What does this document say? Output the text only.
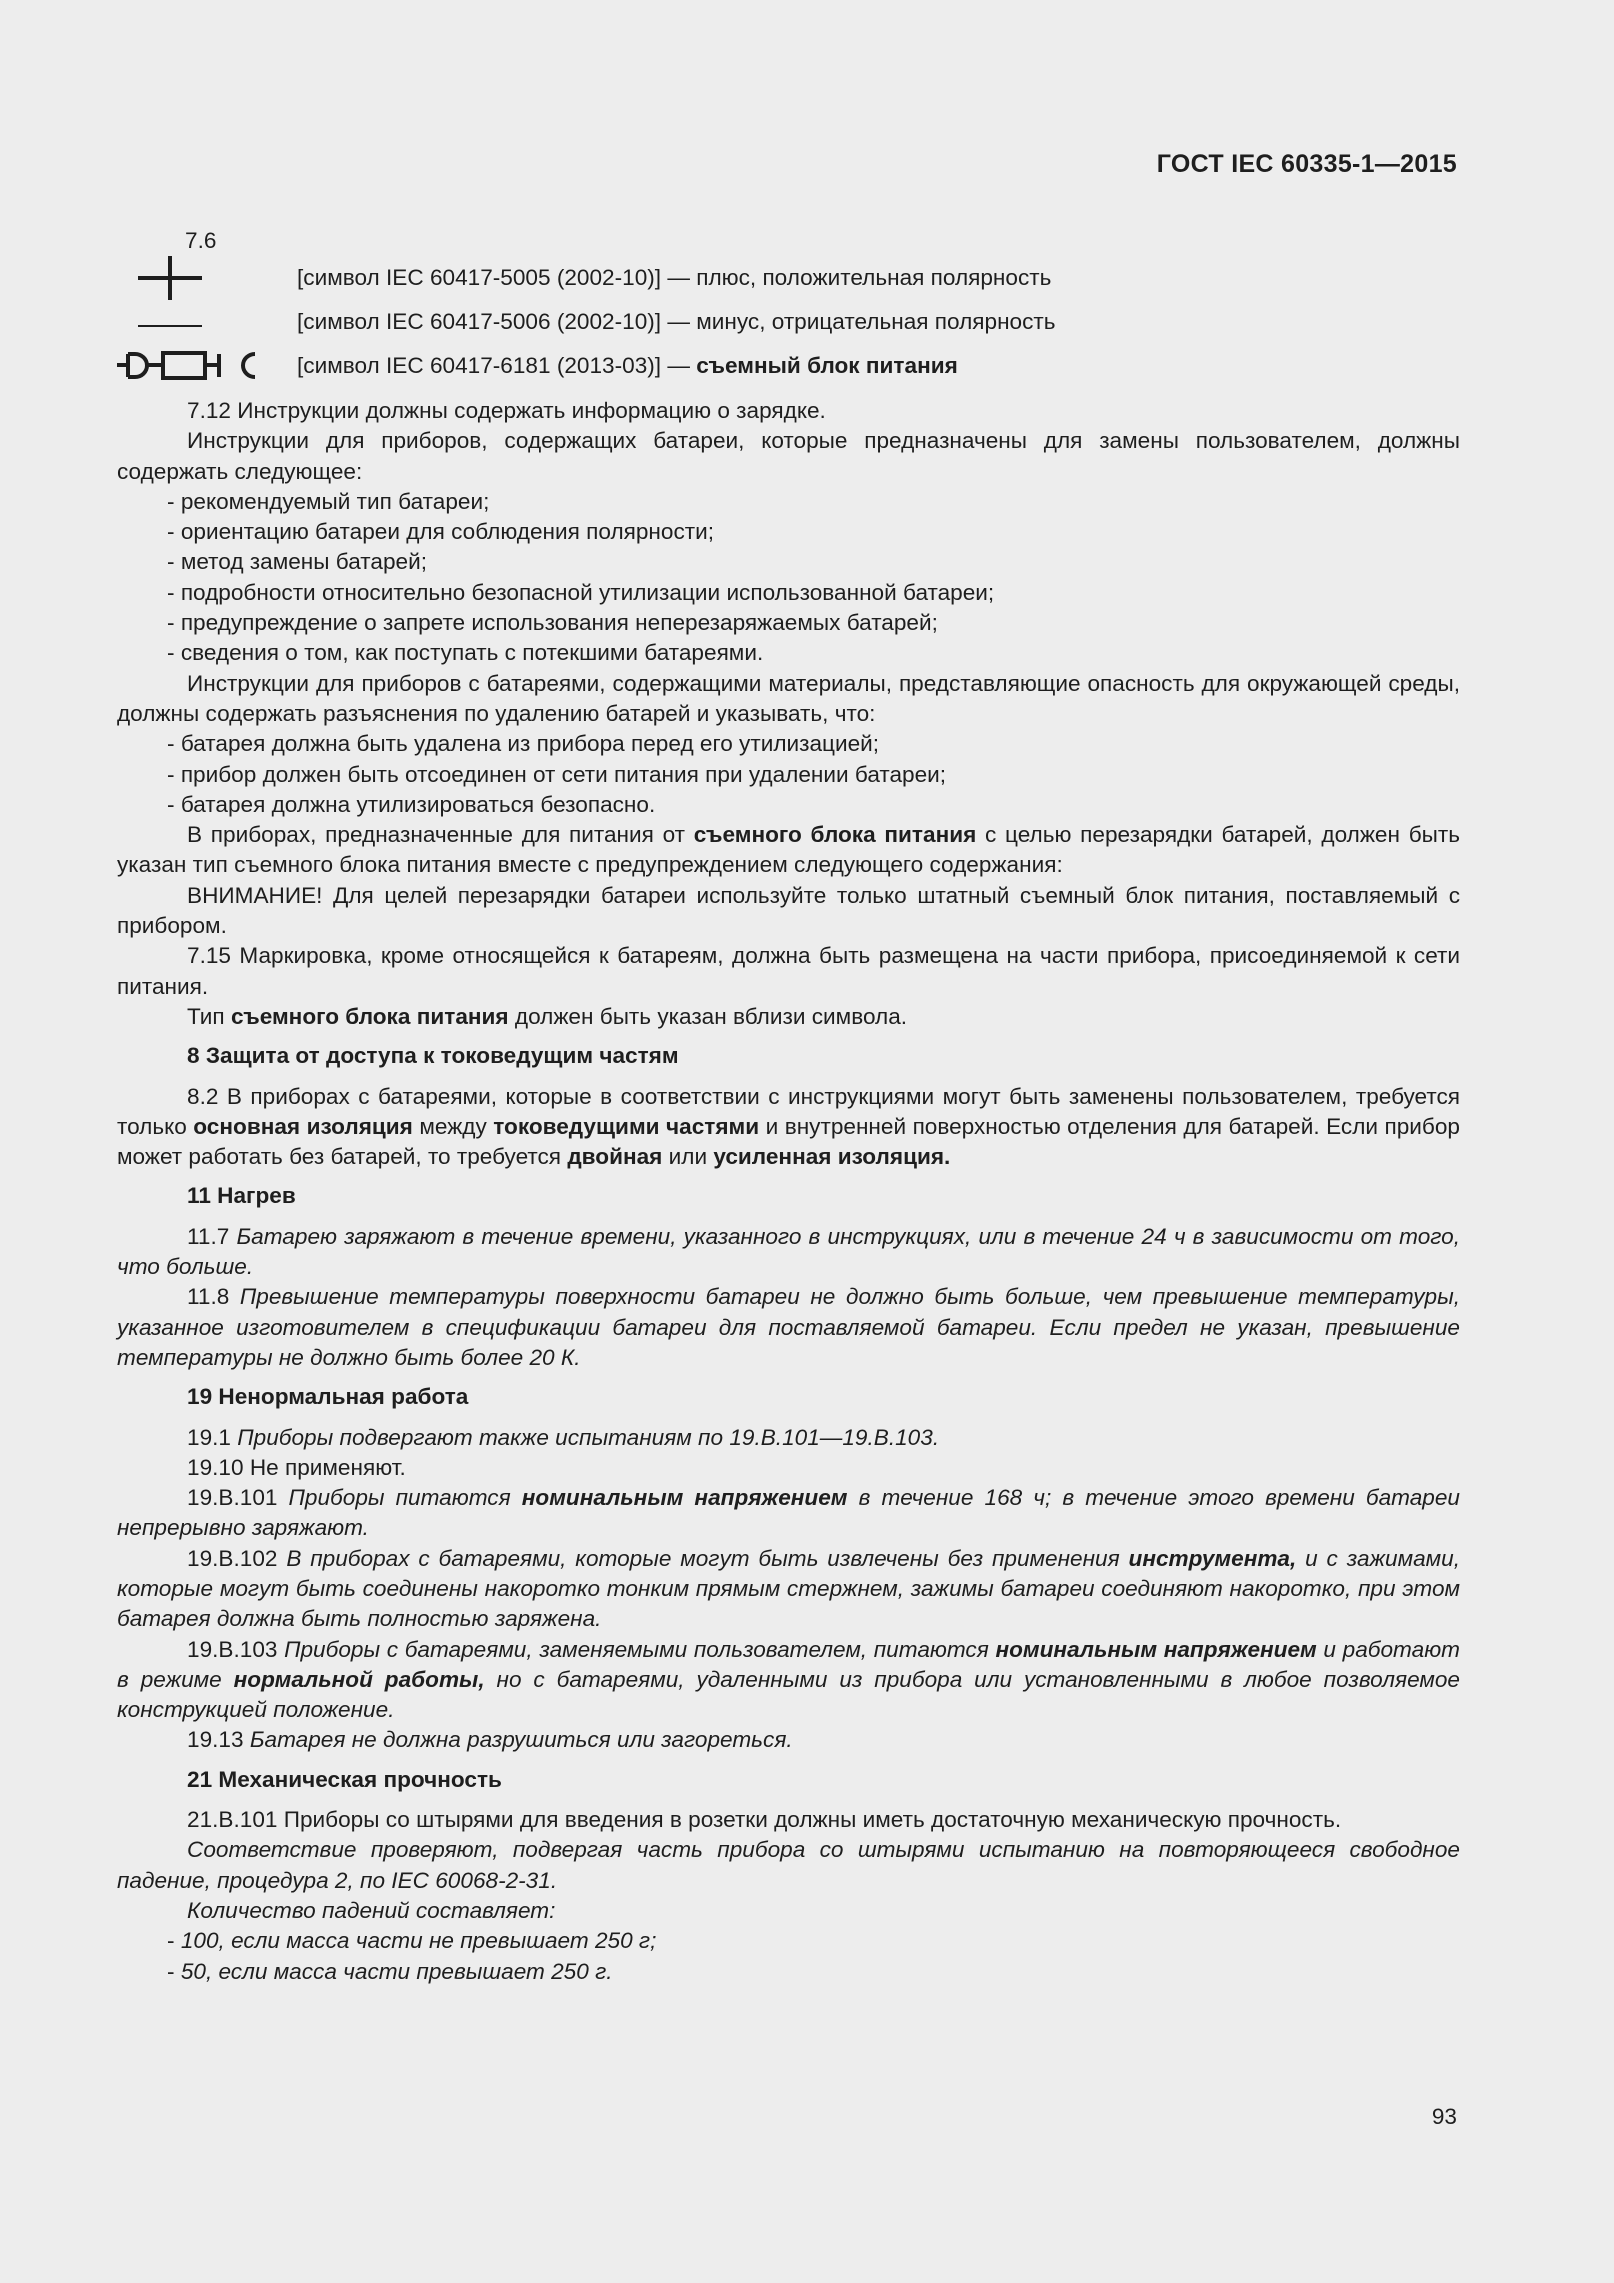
ГОСТ IEC 60335-1—2015
7.6
[символ IEC 60417-5005 (2002-10)] — плюс, положительная полярность
[символ IEC 60417-5006 (2002-10)] — минус, отрицательная полярность
[символ IEC 60417-6181 (2013-03)] — съемный блок питания

7.12 Инструкции должны содержать информацию о зарядке.

Инструкции для приборов, содержащих батареи, которые предназначены для замены пользователем, должны содержать следующее:

- рекомендуемый тип батареи;

- ориентацию батареи для соблюдения полярности;

- метод замены батарей;

- подробности относительно безопасной утилизации использованной батареи;

- предупреждение о запрете использования неперезаряжаемых батарей;

- сведения о том, как поступать с потекшими батареями.

Инструкции для приборов с батареями, содержащими материалы, представляющие опасность для окружающей среды, должны содержать разъяснения по удалению батарей и указывать, что:

- батарея должна быть удалена из прибора перед его утилизацией;

- прибор должен быть отсоединен от сети питания при удалении батареи;

- батарея должна утилизироваться безопасно.

В приборах, предназначенные для питания от съемного блока питания с целью перезарядки батарей, должен быть указан тип съемного блока питания вместе с предупреждением следующего содержания:

ВНИМАНИЕ! Для целей перезарядки батареи используйте только штатный съемный блок питания, поставляемый с прибором.

7.15 Маркировка, кроме относящейся к батареям, должна быть размещена на части прибора, присоединяемой к сети питания.

Тип съемного блока питания должен быть указан вблизи символа.

8 Защита от доступа к токоведущим частям

8.2 В приборах с батареями, которые в соответствии с инструкциями могут быть заменены пользователем, требуется только основная изоляция между токоведущими частями и внутренней поверхностью отделения для батарей. Если прибор может работать без батарей, то требуется двойная или усиленная изоляция.

11 Нагрев

11.7 Батарею заряжают в течение времени, указанного в инструкциях, или в течение 24 ч в зависимости от того, что больше.

11.8 Превышение температуры поверхности батареи не должно быть больше, чем превышение температуры, указанное изготовителем в спецификации батареи для поставляемой батареи. Если предел не указан, превышение температуры не должно быть более 20 К.

19 Ненормальная работа

19.1 Приборы подвергают также испытаниям по 19.B.101—19.B.103.

19.10 Не применяют.

19.B.101 Приборы питаются номинальным напряжением в течение 168 ч; в течение этого времени батареи непрерывно заряжают.

19.B.102 В приборах с батареями, которые могут быть извлечены без применения инструмента, и с зажимами, которые могут быть соединены накоротко тонким прямым стержнем, зажимы батареи соединяют накоротко, при этом батарея должна быть полностью заряжена.

19.B.103 Приборы с батареями, заменяемыми пользователем, питаются номинальным напряжением и работают в режиме нормальной работы, но с батареями, удаленными из прибора или установленными в любое позволяемое конструкцией положение.

19.13 Батарея не должна разрушиться или загореться.

21 Механическая прочность

21.B.101 Приборы со штырями для введения в розетки должны иметь достаточную механическую прочность.

Соответствие проверяют, подвергая часть прибора со штырями испытанию на повторяющееся свободное падение, процедура 2, по IEC 60068-2-31.

Количество падений составляет:

- 100, если масса части не превышает 250 г;

- 50, если масса части превышает 250 г.

93
